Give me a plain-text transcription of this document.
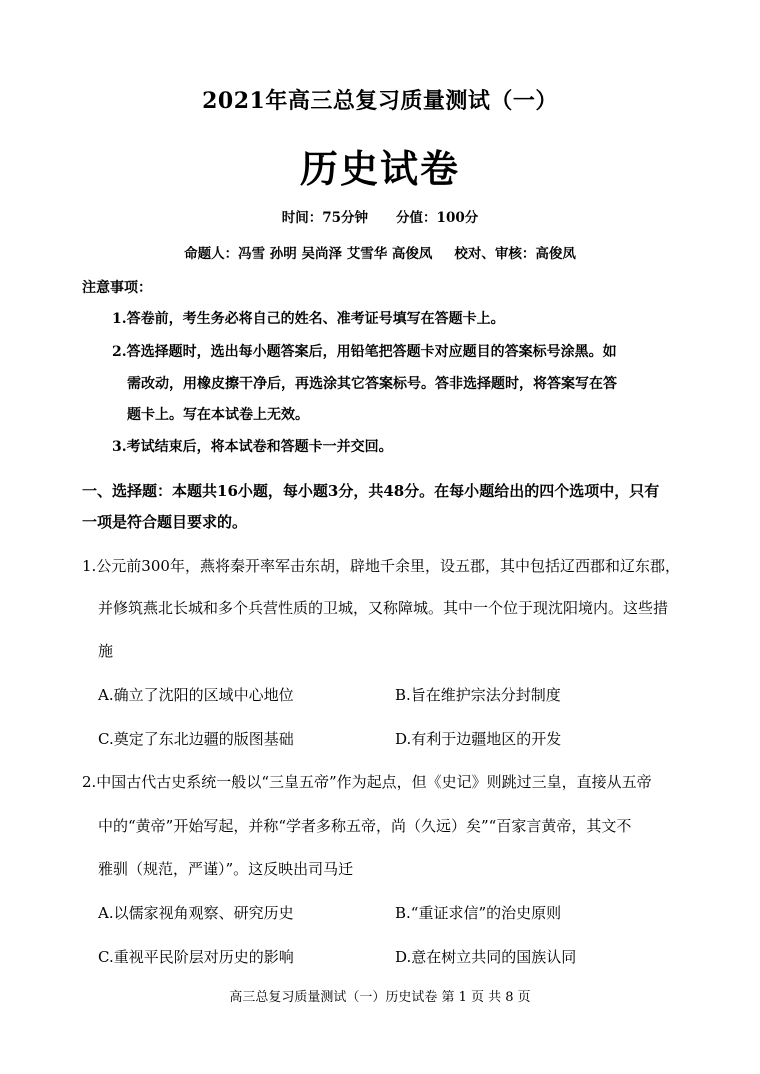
2021年高三总复习质量测试（一）
历史试卷
时间：75分钟 分值：100分
命题人：冯雪 孙明 吴尚泽 艾雪华 高俊凤 校对、审核：高俊凤
注意事项：
1.答卷前，考生务必将自己的姓名、准考证号填写在答题卡上。
2.答选择题时，选出每小题答案后，用铅笔把答题卡对应题目的答案标号涂黑。如
需改动，用橡皮擦干净后，再选涂其它答案标号。答非选择题时，将答案写在答
题卡上。写在本试卷上无效。
3.考试结束后，将本试卷和答题卡一并交回。
一、选择题：本题共16小题，每小题3分，共48分。在每小题给出的四个选项中，只有
一项是符合题目要求的。
1.公元前300年，燕将秦开率军击东胡，辟地千余里，设五郡，其中包括辽西郡和辽东郡，
并修筑燕北长城和多个兵营性质的卫城，又称障城。其中一个位于现沈阳境内。这些措
施
A.确立了沈阳的区域中心地位	B.旨在维护宗法分封制度
C.奠定了东北边疆的版图基础	D.有利于边疆地区的开发
2.中国古代古史系统一般以“三皇五帝”作为起点，但《史记》则跳过三皇，直接从五帝
中的“黄帝”开始写起，并称“学者多称五帝，尚（久远）矣”“百家言黄帝，其文不
雅驯（规范，严谨）”。这反映出司马迁
A.以儒家视角观察、研究历史	B.“重证求信”的治史原则
C.重视平民阶层对历史的影响	D.意在树立共同的国族认同
高三总复习质量测试（一）历史试卷 第 1 页 共 8 页
